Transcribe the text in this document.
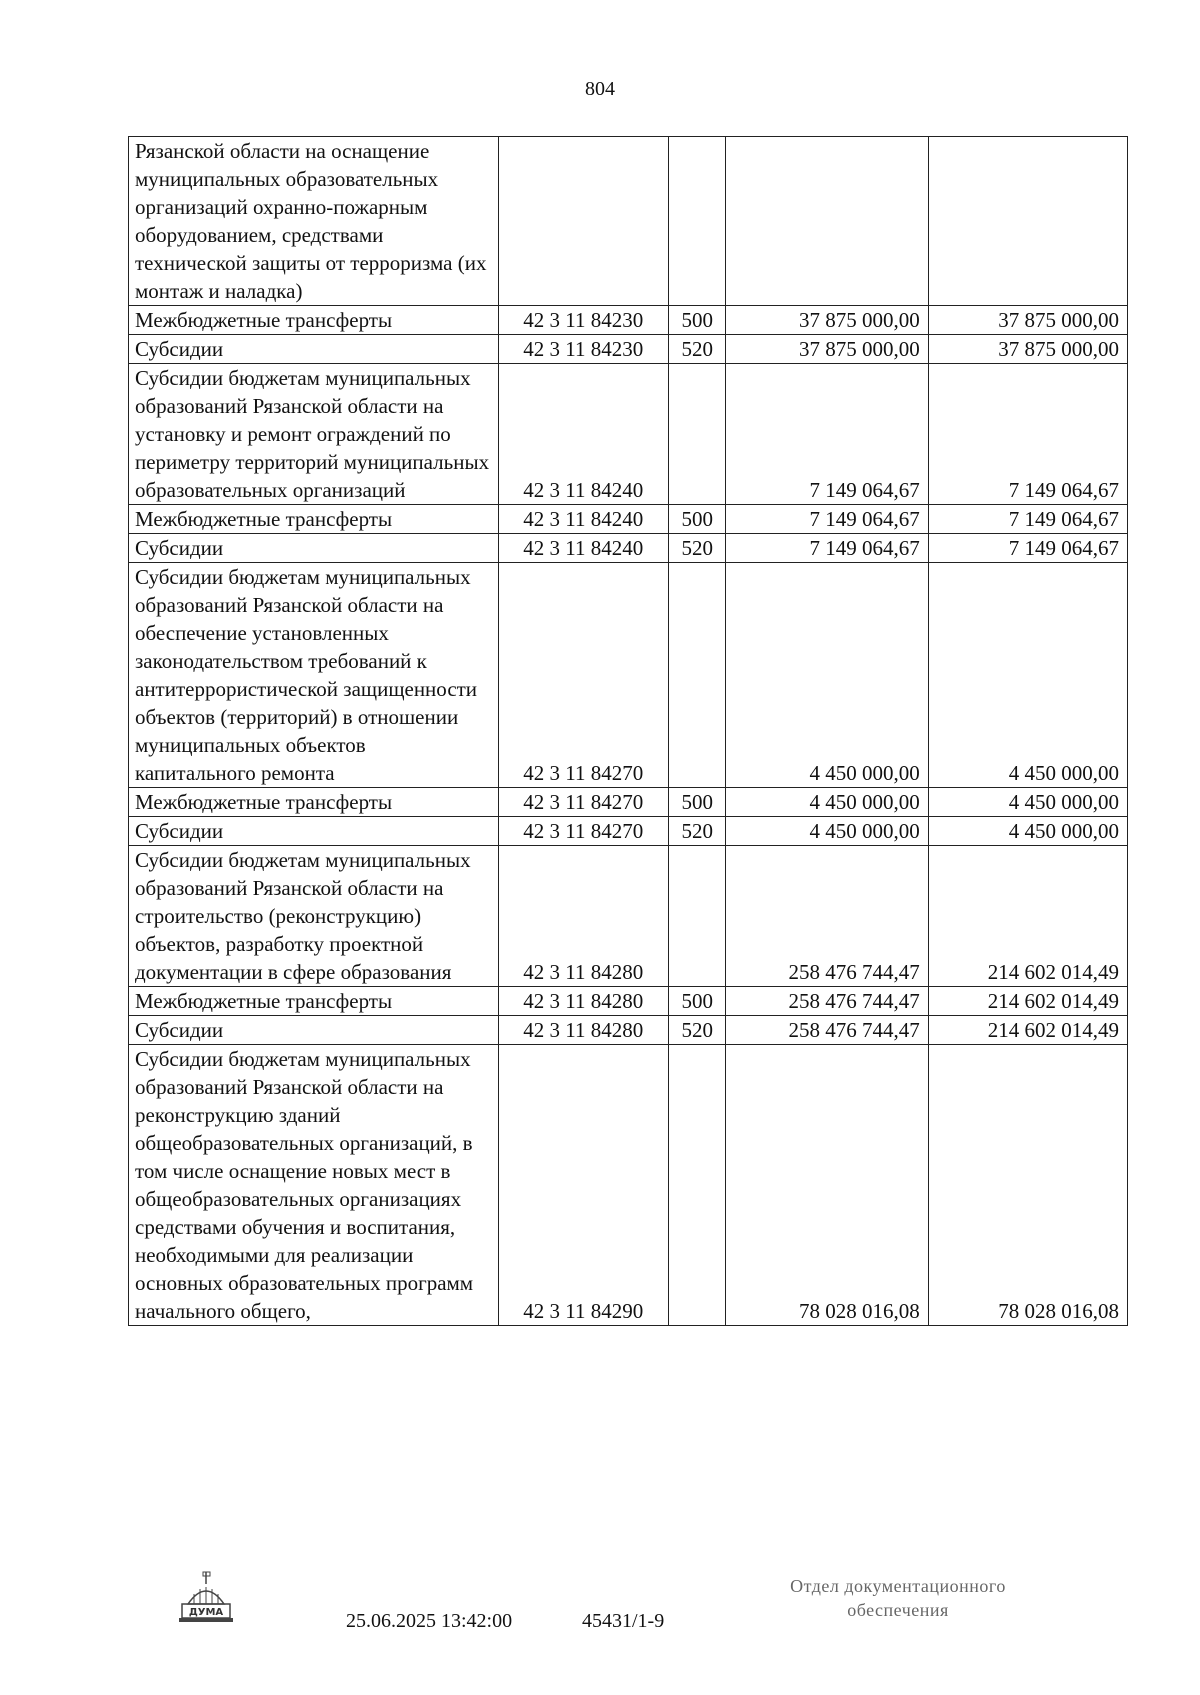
804
Рязанской области на оснащение муниципальных образовательных организаций охранно-пожарным оборудованием, средствами технической защиты от терроризма (их монтаж и наладка)				
Межбюджетные трансферты	42 3 11 84230	500	37 875 000,00	37 875 000,00
Субсидии	42 3 11 84230	520	37 875 000,00	37 875 000,00
Субсидии бюджетам муниципальных образований Рязанской области на установку и ремонт ограждений по периметру территорий муниципальных образовательных организаций	42 3 11 84240		7 149 064,67	7 149 064,67
Межбюджетные трансферты	42 3 11 84240	500	7 149 064,67	7 149 064,67
Субсидии	42 3 11 84240	520	7 149 064,67	7 149 064,67
Субсидии бюджетам муниципальных образований Рязанской области на обеспечение установленных законодательством требований к антитеррористической защищенности объектов (территорий) в отношении муниципальных объектов капитального ремонта	42 3 11 84270		4 450 000,00	4 450 000,00
Межбюджетные трансферты	42 3 11 84270	500	4 450 000,00	4 450 000,00
Субсидии	42 3 11 84270	520	4 450 000,00	4 450 000,00
Субсидии бюджетам муниципальных образований Рязанской области на строительство (реконструкцию) объектов, разработку проектной документации в сфере образования	42 3 11 84280		258 476 744,47	214 602 014,49
Межбюджетные трансферты	42 3 11 84280	500	258 476 744,47	214 602 014,49
Субсидии	42 3 11 84280	520	258 476 744,47	214 602 014,49
Субсидии бюджетам муниципальных образований Рязанской области на реконструкцию зданий общеобразовательных организаций, в том числе оснащение новых мест в общеобразовательных организациях средствами обучения и воспитания, необходимыми для реализации основных образовательных программ начального общего,	42 3 11 84290		78 028 016,08	78 028 016,08
ДУМА	25.06.2025 13:42:00	45431/1-9
Отдел документационного
обеспечения
